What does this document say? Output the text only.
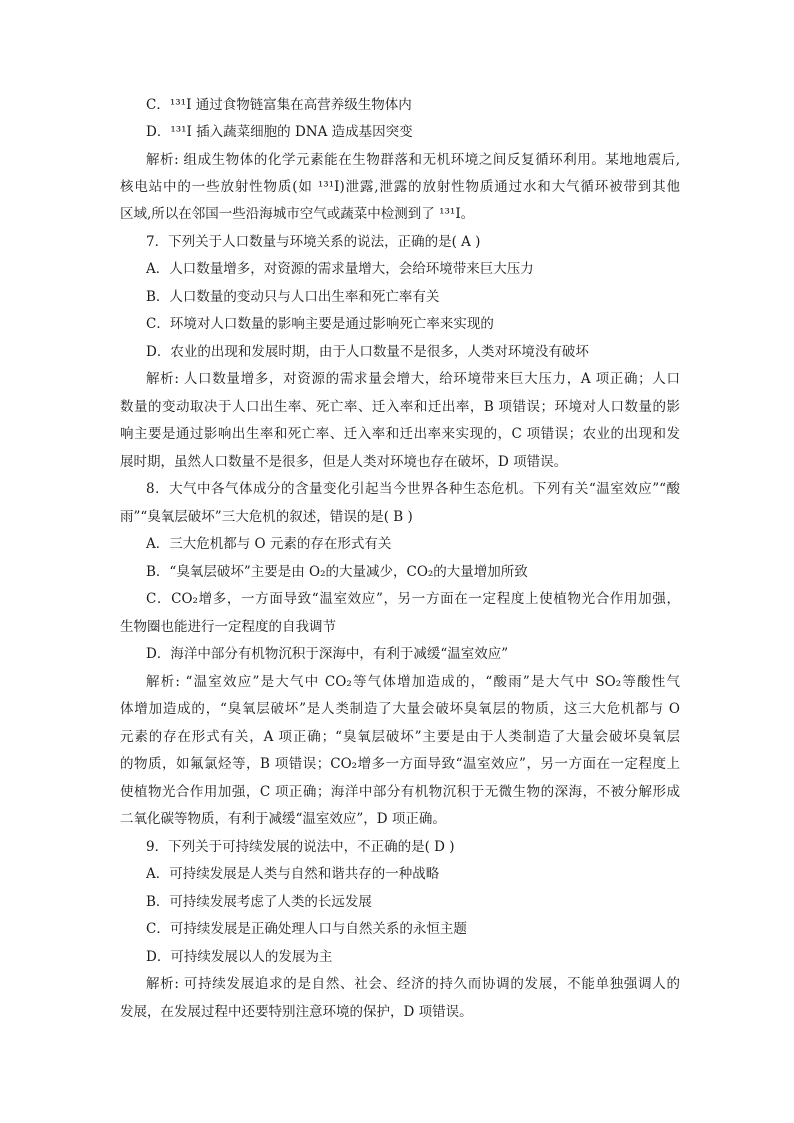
C．¹³¹I 通过食物链富集在高营养级生物体内
D．¹³¹I 插入蔬菜细胞的 DNA 造成基因突变
解析: 组成生物体的化学元素能在生物群落和无机环境之间反复循环利用。某地地震后,
核电站中的一些放射性物质(如 ¹³¹I)泄露,泄露的放射性物质通过水和大气循环被带到其他
区域,所以在邻国一些沿海城市空气或蔬菜中检测到了 ¹³¹I。
7．下列关于人口数量与环境关系的说法，正确的是( A )
A．人口数量增多，对资源的需求量增大，会给环境带来巨大压力
B．人口数量的变动只与人口出生率和死亡率有关
C．环境对人口数量的影响主要是通过影响死亡率来实现的
D．农业的出现和发展时期，由于人口数量不是很多，人类对环境没有破坏
解析: 人口数量增多，对资源的需求量会增大，给环境带来巨大压力，A 项正确；人口
数量的变动取决于人口出生率、死亡率、迁入率和迁出率，B 项错误；环境对人口数量的影
响主要是通过影响出生率和死亡率、迁入率和迁出率来实现的，C 项错误；农业的出现和发
展时期，虽然人口数量不是很多，但是人类对环境也存在破坏，D 项错误。
8．大气中各气体成分的含量变化引起当今世界各种生态危机。下列有关“温室效应”“酸
雨”“臭氧层破坏”三大危机的叙述，错误的是( B )
A．三大危机都与 O 元素的存在形式有关
B．“臭氧层破坏”主要是由 O₂的大量减少，CO₂的大量增加所致
C．CO₂增多，一方面导致“温室效应”，另一方面在一定程度上使植物光合作用加强，
生物圈也能进行一定程度的自我调节
D．海洋中部分有机物沉积于深海中，有利于减缓“温室效应”
解析: “温室效应”是大气中 CO₂等气体增加造成的，“酸雨”是大气中 SO₂等酸性气
体增加造成的，“臭氧层破坏”是人类制造了大量会破坏臭氧层的物质，这三大危机都与 O
元素的存在形式有关，A 项正确；“臭氧层破坏”主要是由于人类制造了大量会破坏臭氧层
的物质，如氟氯烃等，B 项错误；CO₂增多一方面导致“温室效应”，另一方面在一定程度上
使植物光合作用加强，C 项正确；海洋中部分有机物沉积于无微生物的深海，不被分解形成
二氧化碳等物质，有利于减缓“温室效应”，D 项正确。
9．下列关于可持续发展的说法中，不正确的是( D )
A．可持续发展是人类与自然和谐共存的一种战略
B．可持续发展考虑了人类的长远发展
C．可持续发展是正确处理人口与自然关系的永恒主题
D．可持续发展以人的发展为主
解析: 可持续发展追求的是自然、社会、经济的持久而协调的发展，不能单独强调人的
发展，在发展过程中还要特别注意环境的保护，D 项错误。
